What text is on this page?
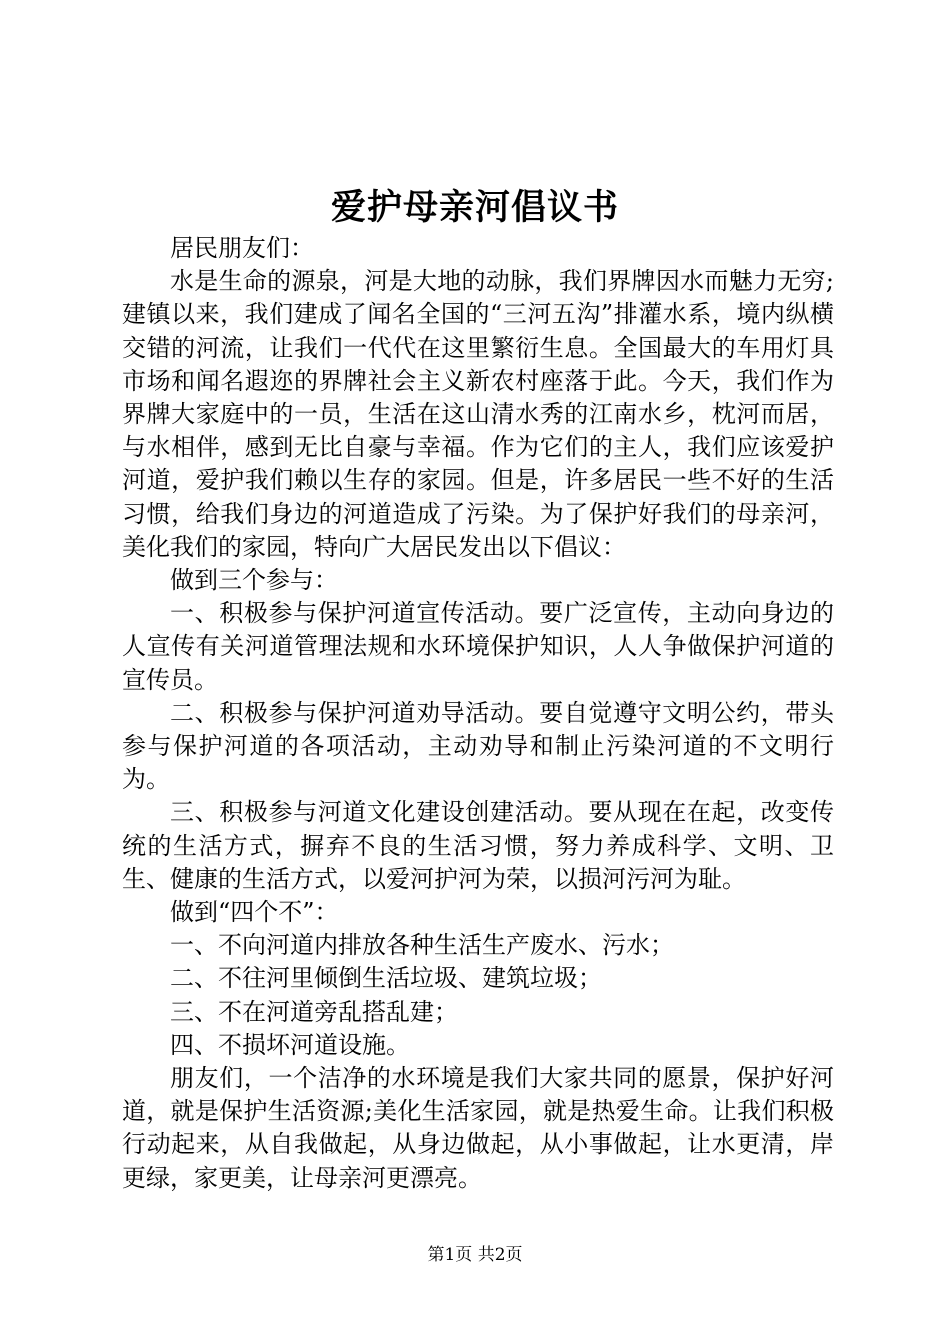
爱护母亲河倡议书

居民朋友们：

水是生命的源泉，河是大地的动脉，我们界牌因水而魅力无穷;建镇以来，我们建成了闻名全国的“三河五沟”排灌水系，境内纵横交错的河流，让我们一代代在这里繁衍生息。全国最大的车用灯具市场和闻名遐迩的界牌社会主义新农村座落于此。今天，我们作为界牌大家庭中的一员，生活在这山清水秀的江南水乡，枕河而居，与水相伴，感到无比自豪与幸福。作为它们的主人，我们应该爱护河道，爱护我们赖以生存的家园。但是，许多居民一些不好的生活习惯，给我们身边的河道造成了污染。为了保护好我们的母亲河，美化我们的家园，特向广大居民发出以下倡议：

做到三个参与：

一、积极参与保护河道宣传活动。要广泛宣传，主动向身边的人宣传有关河道管理法规和水环境保护知识，人人争做保护河道的宣传员。

二、积极参与保护河道劝导活动。要自觉遵守文明公约，带头参与保护河道的各项活动，主动劝导和制止污染河道的不文明行为。

三、积极参与河道文化建设创建活动。要从现在在起，改变传统的生活方式，摒弃不良的生活习惯，努力养成科学、文明、卫生、健康的生活方式，以爱河护河为荣，以损河污河为耻。

做到“四个不”：

一、不向河道内排放各种生活生产废水、污水；

二、不往河里倾倒生活垃圾、建筑垃圾；

三、不在河道旁乱搭乱建；

四、不损坏河道设施。

朋友们，一个洁净的水环境是我们大家共同的愿景，保护好河道，就是保护生活资源;美化生活家园，就是热爱生命。让我们积极行动起来，从自我做起，从身边做起，从小事做起，让水更清，岸更绿，家更美，让母亲河更漂亮。

第1页 共2页
